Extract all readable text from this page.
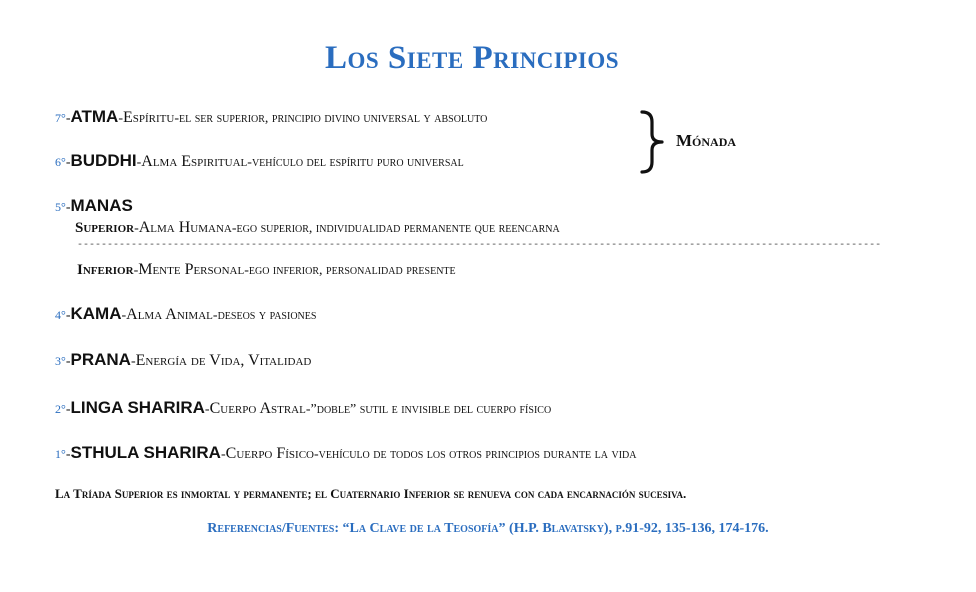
Los Siete Principios
7°-ATMA-Espíritu-el ser superior, principio divino universal y absoluto
6°-BUDDHI-Alma Espiritual-vehículo del espíritu puro universal
Mónada
5°-MANAS
Superior-Alma Humana-ego superior, individualidad permanente que reencarna
--------------------------------------------------------------------------------------------------------------------------------------
Inferior-Mente Personal-ego inferior, personalidad presente
4°-KAMA-Alma Animal-deseos y pasiones
3°-PRANA-Energía de Vida, Vitalidad
2°-LINGA SHARIRA-Cuerpo Astral-”doble” sutil e invisible del cuerpo físico
1°-STHULA SHARIRA-Cuerpo Físico-vehículo de todos los otros principios durante la vida
La Tríada Superior es inmortal y permanente; el Cuaternario Inferior se renueva con cada encarnación sucesiva.
Referencias/Fuentes: “La Clave de la Teosofía” (H.P. Blavatsky), p.91-92, 135-136, 174-176.
